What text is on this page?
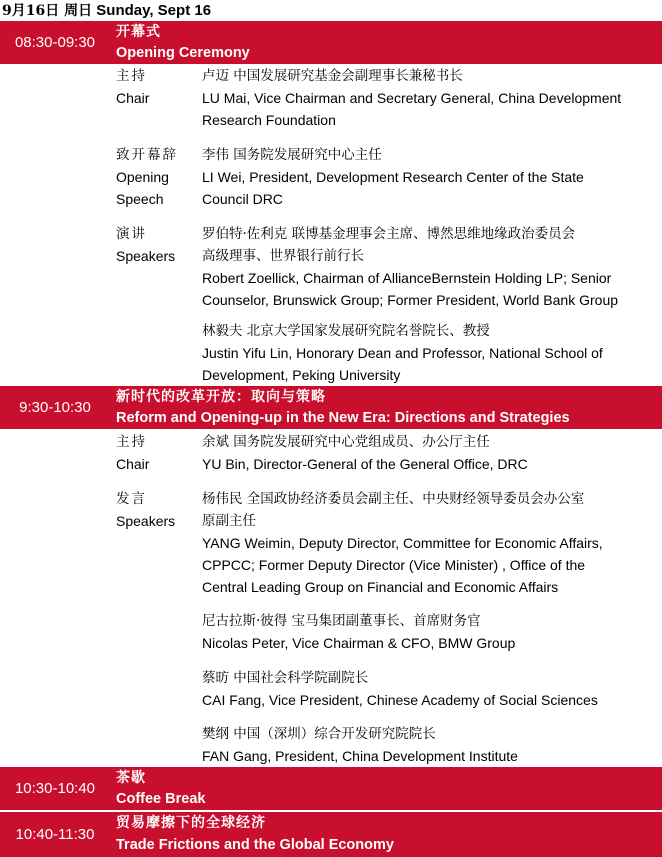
9月16日 周日 Sunday, Sept 16
08:30-09:30
开幕式
Opening Ceremony
主持
Chair
卢迈 中国发展研究基金会副理事长兼秘书长
LU Mai, Vice Chairman and Secretary General, China Development
Research Foundation
致开幕辞
Opening
Speech
李伟 国务院发展研究中心主任
LI Wei, President, Development Research Center of the State
Council DRC
演讲
Speakers
罗伯特·佐利克 联博基金理事会主席、博然思维地缘政治委员会
高级理事、世界银行前行长
Robert Zoellick, Chairman of AllianceBernstein Holding LP; Senior
Counselor, Brunswick Group; Former President, World Bank Group
林毅夫 北京大学国家发展研究院名誉院长、教授
Justin Yifu Lin, Honorary Dean and Professor, National School of
Development, Peking University
9:30-10:30
新时代的改革开放：取向与策略
Reform and Opening-up in the New Era: Directions and Strategies
主持
Chair
余斌 国务院发展研究中心党组成员、办公厅主任
YU Bin, Director-General of the General Office, DRC
发言
Speakers
杨伟民 全国政协经济委员会副主任、中央财经领导委员会办公室
原副主任
YANG Weimin, Deputy Director, Committee for Economic Affairs,
CPPCC; Former Deputy Director (Vice Minister) , Office of the
Central Leading Group on Financial and Economic Affairs
尼古拉斯·彼得 宝马集团副董事长、首席财务官
Nicolas Peter, Vice Chairman & CFO, BMW Group
蔡昉 中国社会科学院副院长
CAI Fang, Vice President, Chinese Academy of Social Sciences
樊纲 中国（深圳）综合开发研究院院长
FAN Gang, President, China Development Institute
10:30-10:40
茶歇
Coffee Break
10:40-11:30
贸易摩擦下的全球经济
Trade Frictions and the Global Economy
